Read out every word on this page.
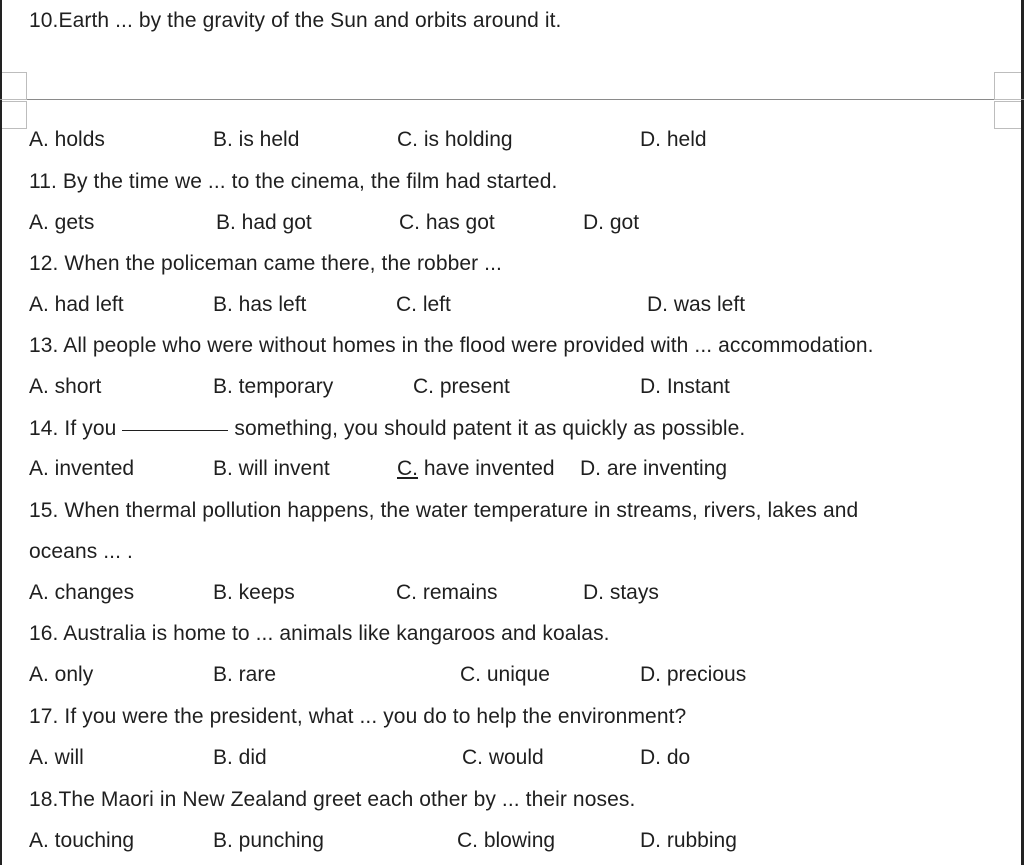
10.Earth ... by the gravity of the Sun and orbits around it.
A. holds	B. is held	C. is holding	D. held
11. By the time we ... to the cinema, the film had started.
A. gets	B. had got	C. has got	D. got
12. When the policeman came there, the robber ...
A. had left	B. has left	C. left	D. was left
13. All people who were without homes in the flood were provided with ... accommodation.
A. short	B. temporary	C. present	D. Instant
14. If you	something, you should patent it as quickly as possible.
A. invented	B. will invent	C. have invented D. are inventing
15. When thermal pollution happens, the water temperature in streams, rivers, lakes and
oceans ... .
A. changes	B. keeps	C. remains	D. stays
16. Australia is home to ... animals like kangaroos and koalas.
A. only	B. rare	C. unique	D. precious
17. If you were the president, what ... you do to help the environment?
A. will	B. did	C. would	D. do
18.The Maori in New Zealand greet each other by ... their noses.
A. touching	B. punching	C. blowing	D. rubbing
